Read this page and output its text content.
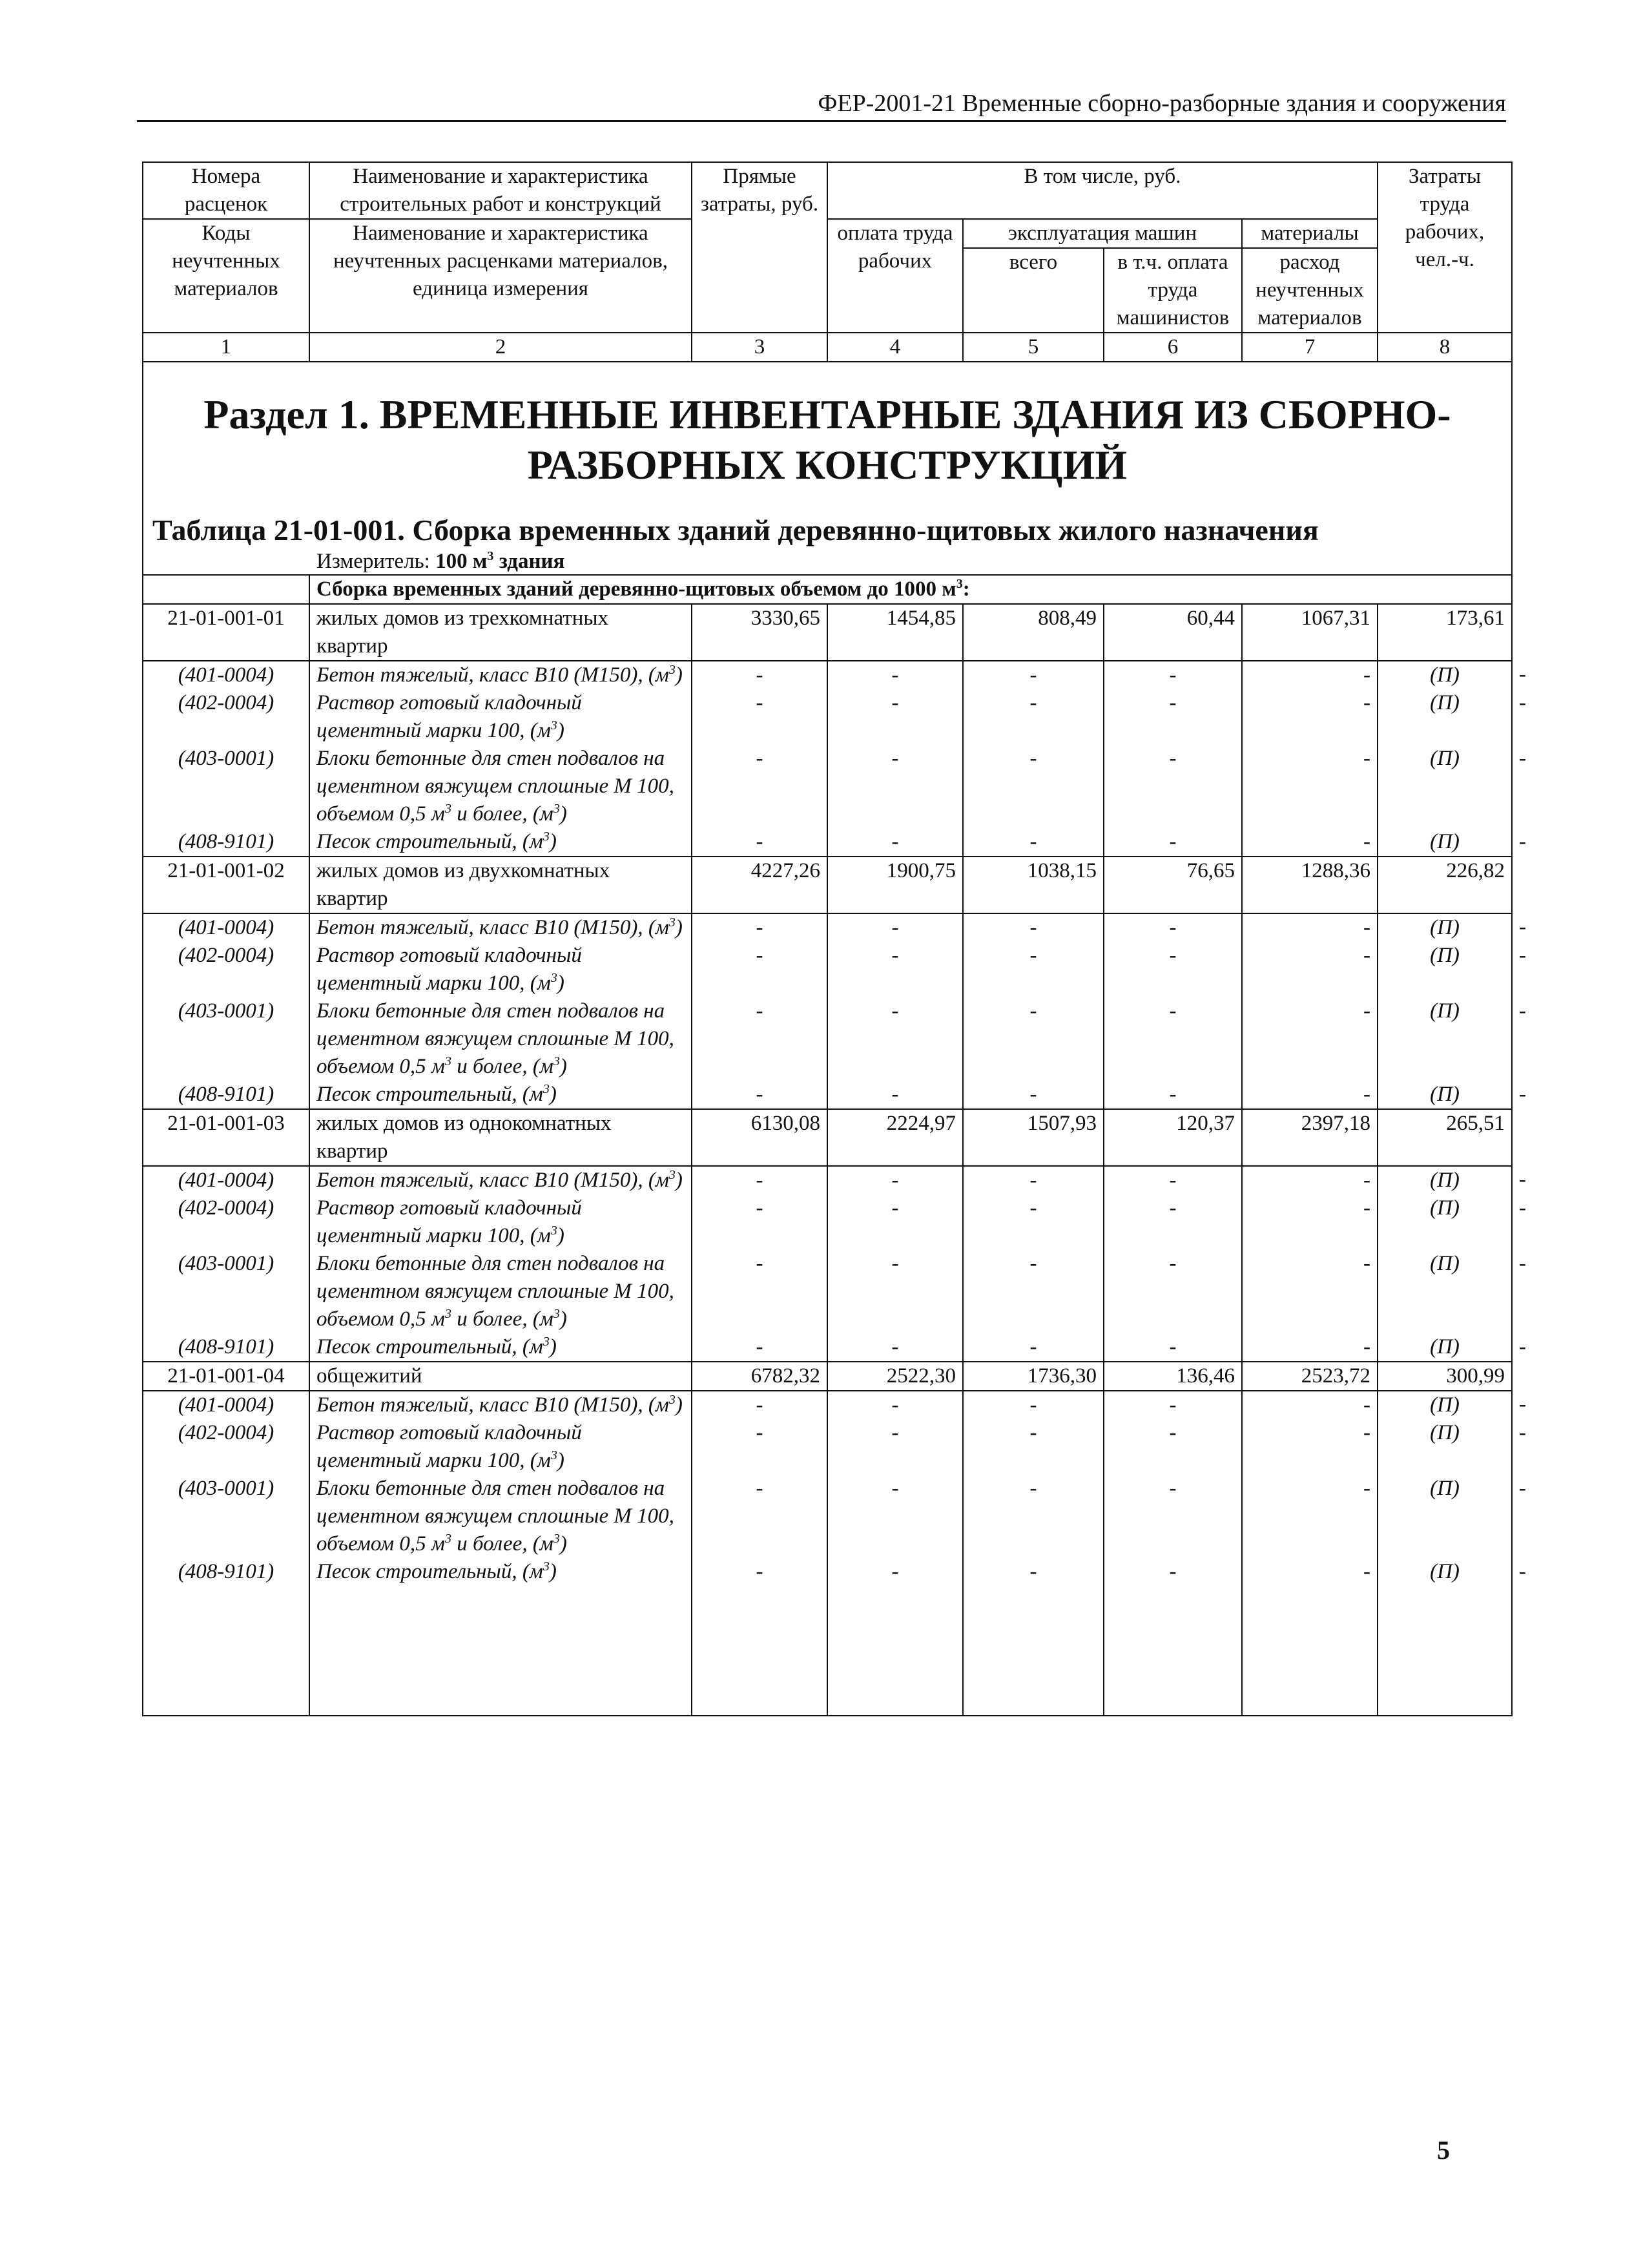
ФЕР-2001-21 Временные сборно-разборные здания и сооружения
Номера расценок	Наименование и характеристика строительных работ и конструкций	Прямые затраты, руб.	В том числе, руб.				Затраты труда рабочих, чел.-ч.	
Коды неучтенных материалов	Наименование и характеристика неучтенных расценками материалов, единица измерения		оплата труда рабочих	эксплуатация машин		материалы		
				всего	в т.ч. оплата труда машинистов	расход неучтенных материалов		
1	2	3	4	5	6	7	8	

Раздел 1. ВРЕМЕННЫЕ ИНВЕНТАРНЫЕ ЗДАНИЯ ИЗ СБОРНО-
РАЗБОРНЫХ КОНСТРУКЦИЙ
Таблица 21-01-001. Сборка временных зданий деревянно-щитовых жилого назначения
Измеритель: 100 $м^3$ здания								

	Сборка временных зданий деревянно-щитовых объемом до 1000 $м^3$:							
21-01-001-01	жилых домов из трехкомнатных квартир	3330,65	1454,85	808,49	60,44	1067,31	173,61	
(401-0004)	Бетон тяжелый, класс В10 (М150), $(м^3)$	-	-	-	-	-	(П)	-
(402-0004)	Раствор готовый кладочный цементный марки 100, $(м^3)$	-	-	-	-	-	(П)	-
(403-0001)	Блоки бетонные для стен подвалов на цементном вяжущем сплошные М 100, объемом 0,5 $м^3$ и более, $(м^3)$	-	-	-	-	-	(П)	-
(408-9101)	Песок строительный, $(м^3)$	-	-	-	-	-	(П)	-
21-01-001-02	жилых домов из двухкомнатных квартир	4227,26	1900,75	1038,15	76,65	1288,36	226,82	
(401-0004)	Бетон тяжелый, класс В10 (М150), $(м^3)$	-	-	-	-	-	(П)	-
(402-0004)	Раствор готовый кладочный цементный марки 100, $(м^3)$	-	-	-	-	-	(П)	-
(403-0001)	Блоки бетонные для стен подвалов на цементном вяжущем сплошные М 100, объемом 0,5 $м^3$ и более, $(м^3)$	-	-	-	-	-	(П)	-
(408-9101)	Песок строительный, $(м^3)$	-	-	-	-	-	(П)	-
21-01-001-03	жилых домов из однокомнатных квартир	6130,08	2224,97	1507,93	120,37	2397,18	265,51	
(401-0004)	Бетон тяжелый, класс В10 (М150), $(м^3)$	-	-	-	-	-	(П)	-
(402-0004)	Раствор готовый кладочный цементный марки 100, $(м^3)$	-	-	-	-	-	(П)	-
(403-0001)	Блоки бетонные для стен подвалов на цементном вяжущем сплошные М 100, объемом 0,5 $м^3$ и более, $(м^3)$	-	-	-	-	-	(П)	-
(408-9101)	Песок строительный, $(м^3)$	-	-	-	-	-	(П)	-
21-01-001-04	общежитий	6782,32	2522,30	1736,30	136,46	2523,72	300,99	
(401-0004)	Бетон тяжелый, класс В10 (М150), $(м^3)$	-	-	-	-	-	(П)	-
(402-0004)	Раствор готовый кладочный цементный марки 100, $(м^3)$	-	-	-	-	-	(П)	-
(403-0001)	Блоки бетонные для стен подвалов на цементном вяжущем сплошные М 100, объемом 0,5 $м^3$ и более, $(м^3)$	-	-	-	-	-	(П)	-
(408-9101)	Песок строительный, $(м^3)$	-	-	-	-	-	(П)	-

5
